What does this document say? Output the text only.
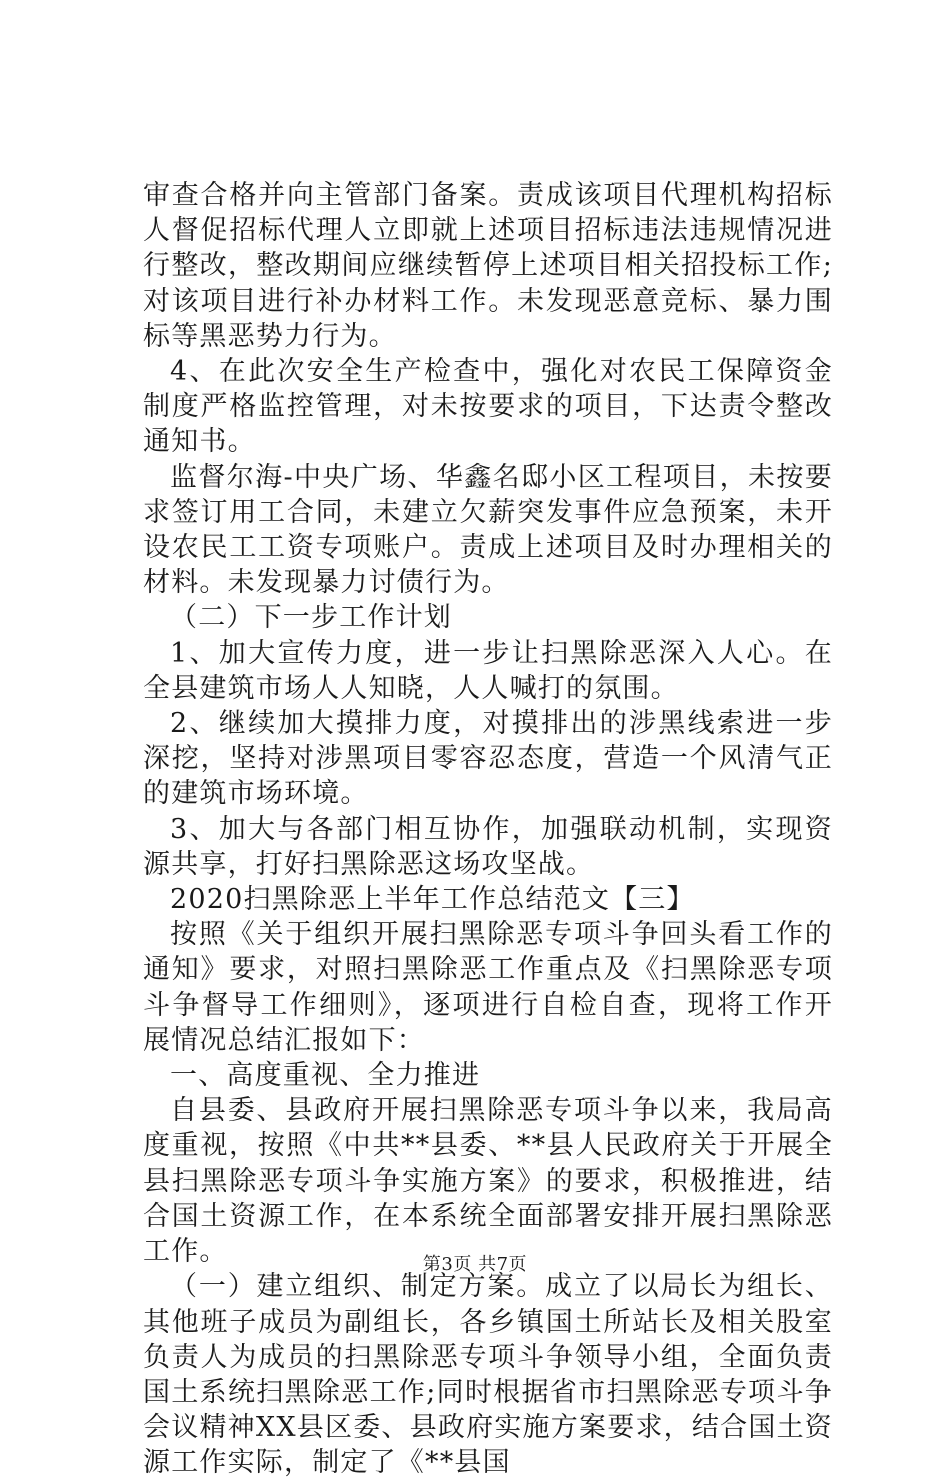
审查合格并向主管部门备案。责成该项目代理机构招标人督促招标代理人立即就上述项目招标违法违规情况进行整改，整改期间应继续暂停上述项目相关招投标工作;对该项目进行补办材料工作。未发现恶意竞标、暴力围标等黑恶势力行为。

4、在此次安全生产检查中，强化对农民工保障资金制度严格监控管理，对未按要求的项目，下达责令整改通知书。

监督尔海-中央广场、华鑫名邸小区工程项目，未按要求签订用工合同，未建立欠薪突发事件应急预案，未开设农民工工资专项账户。责成上述项目及时办理相关的材料。未发现暴力讨债行为。

（二）下一步工作计划

1、加大宣传力度，进一步让扫黑除恶深入人心。在全县建筑市场人人知晓，人人喊打的氛围。

2、继续加大摸排力度，对摸排出的涉黑线索进一步深挖，坚持对涉黑项目零容忍态度，营造一个风清气正的建筑市场环境。

3、加大与各部门相互协作，加强联动机制，实现资源共享，打好扫黑除恶这场攻坚战。

2020扫黑除恶上半年工作总结范文【三】

按照《关于组织开展扫黑除恶专项斗争回头看工作的通知》要求，对照扫黑除恶工作重点及《扫黑除恶专项斗争督导工作细则》，逐项进行自检自查，现将工作开展情况总结汇报如下：

一、高度重视、全力推进

自县委、县政府开展扫黑除恶专项斗争以来，我局高度重视，按照《中共**县委、**县人民政府关于开展全县扫黑除恶专项斗争实施方案》的要求，积极推进，结合国土资源工作，在本系统全面部署安排开展扫黑除恶工作。

（一）建立组织、制定方案。成立了以局长为组长、其他班子成员为副组长，各乡镇国土所站长及相关股室负责人为成员的扫黑除恶专项斗争领导小组，全面负责国土系统扫黑除恶工作;同时根据省市扫黑除恶专项斗争会议精神XX县区委、县政府实施方案要求，结合国土资源工作实际，制定了《**县国

第3页 共7页
